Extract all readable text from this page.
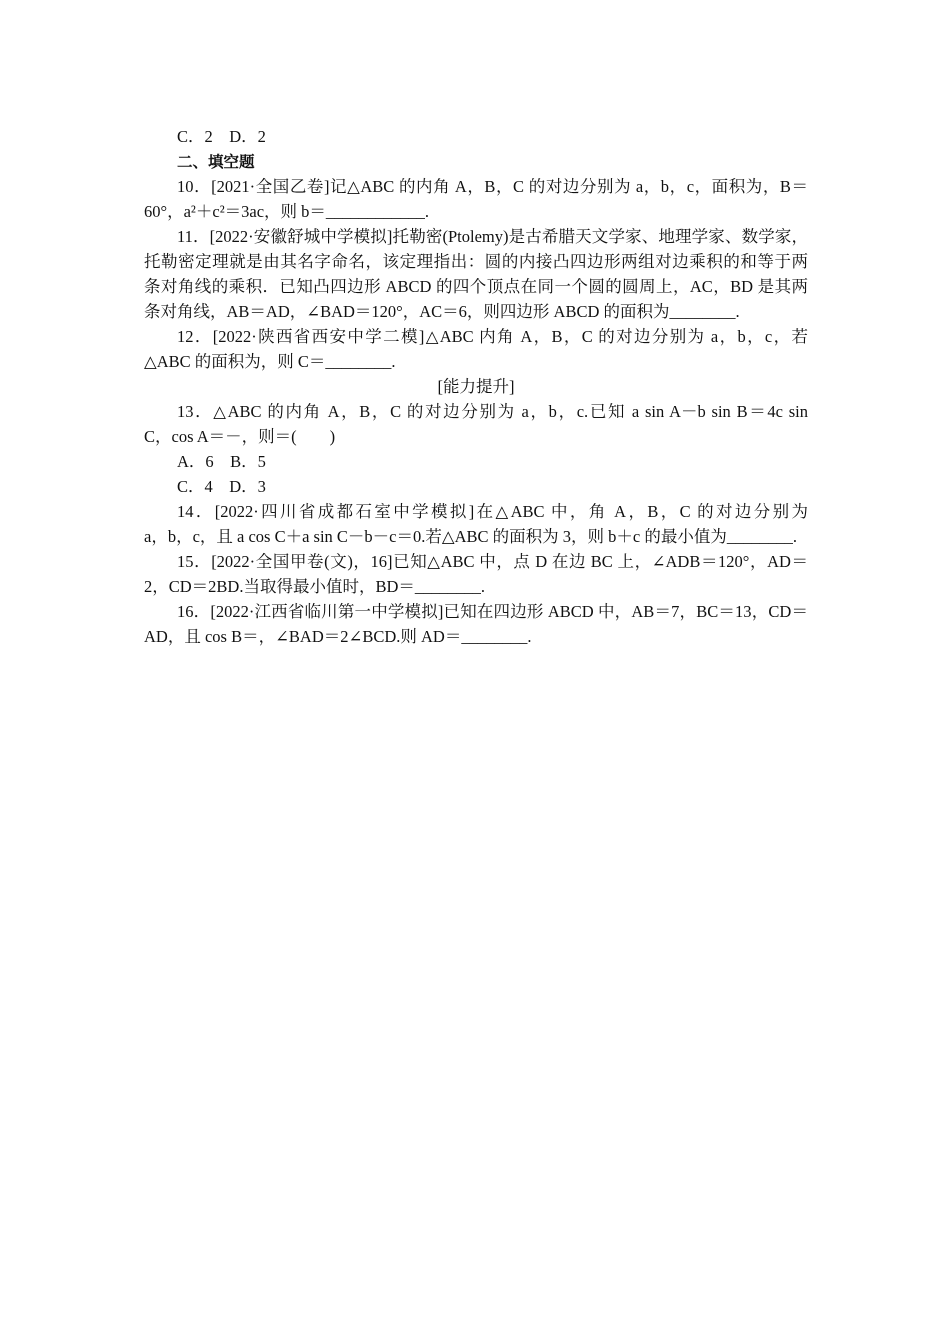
C．2　D．2
二、填空题
10．[2021·全国乙卷]记△ABC 的内角 A，B，C 的对边分别为 a，b，c，面积为，B＝
60°，a²＋c²＝3ac，则 b＝____________.
11．[2022·安徽舒城中学模拟]托勒密(Ptolemy)是古希腊天文学家、地理学家、数学家，
托勒密定理就是由其名字命名，该定理指出：圆的内接凸四边形两组对边乘积的和等于两
条对角线的乘积．已知凸四边形 ABCD 的四个顶点在同一个圆的圆周上，AC，BD 是其两
条对角线，AB＝AD，∠BAD＝120°，AC＝6，则四边形 ABCD 的面积为________.
12．[2022·陕西省西安中学二模]△ABC 内角 A，B，C 的对边分别为 a，b，c，若
△ABC 的面积为，则 C＝________.
[能力提升]
13．△ABC 的内角 A，B，C 的对边分别为 a，b，c.已知 a sin A－b sin B＝4c sin
C，cos A＝－，则＝(　　)
A．6　B．5
C．4　D．3
14．[2022·四川省成都石室中学模拟]在△ABC 中，角 A，B，C 的对边分别为
a，b，c，且 a cos C＋a sin C－b－c＝0.若△ABC 的面积为 3，则 b＋c 的最小值为________.
15．[2022·全国甲卷(文)，16]已知△ABC 中，点 D 在边 BC 上，∠ADB＝120°，AD＝
2，CD＝2BD.当取得最小值时，BD＝________.
16．[2022·江西省临川第一中学模拟]已知在四边形 ABCD 中，AB＝7，BC＝13，CD＝
AD，且 cos B＝，∠BAD＝2∠BCD.则 AD＝________.
